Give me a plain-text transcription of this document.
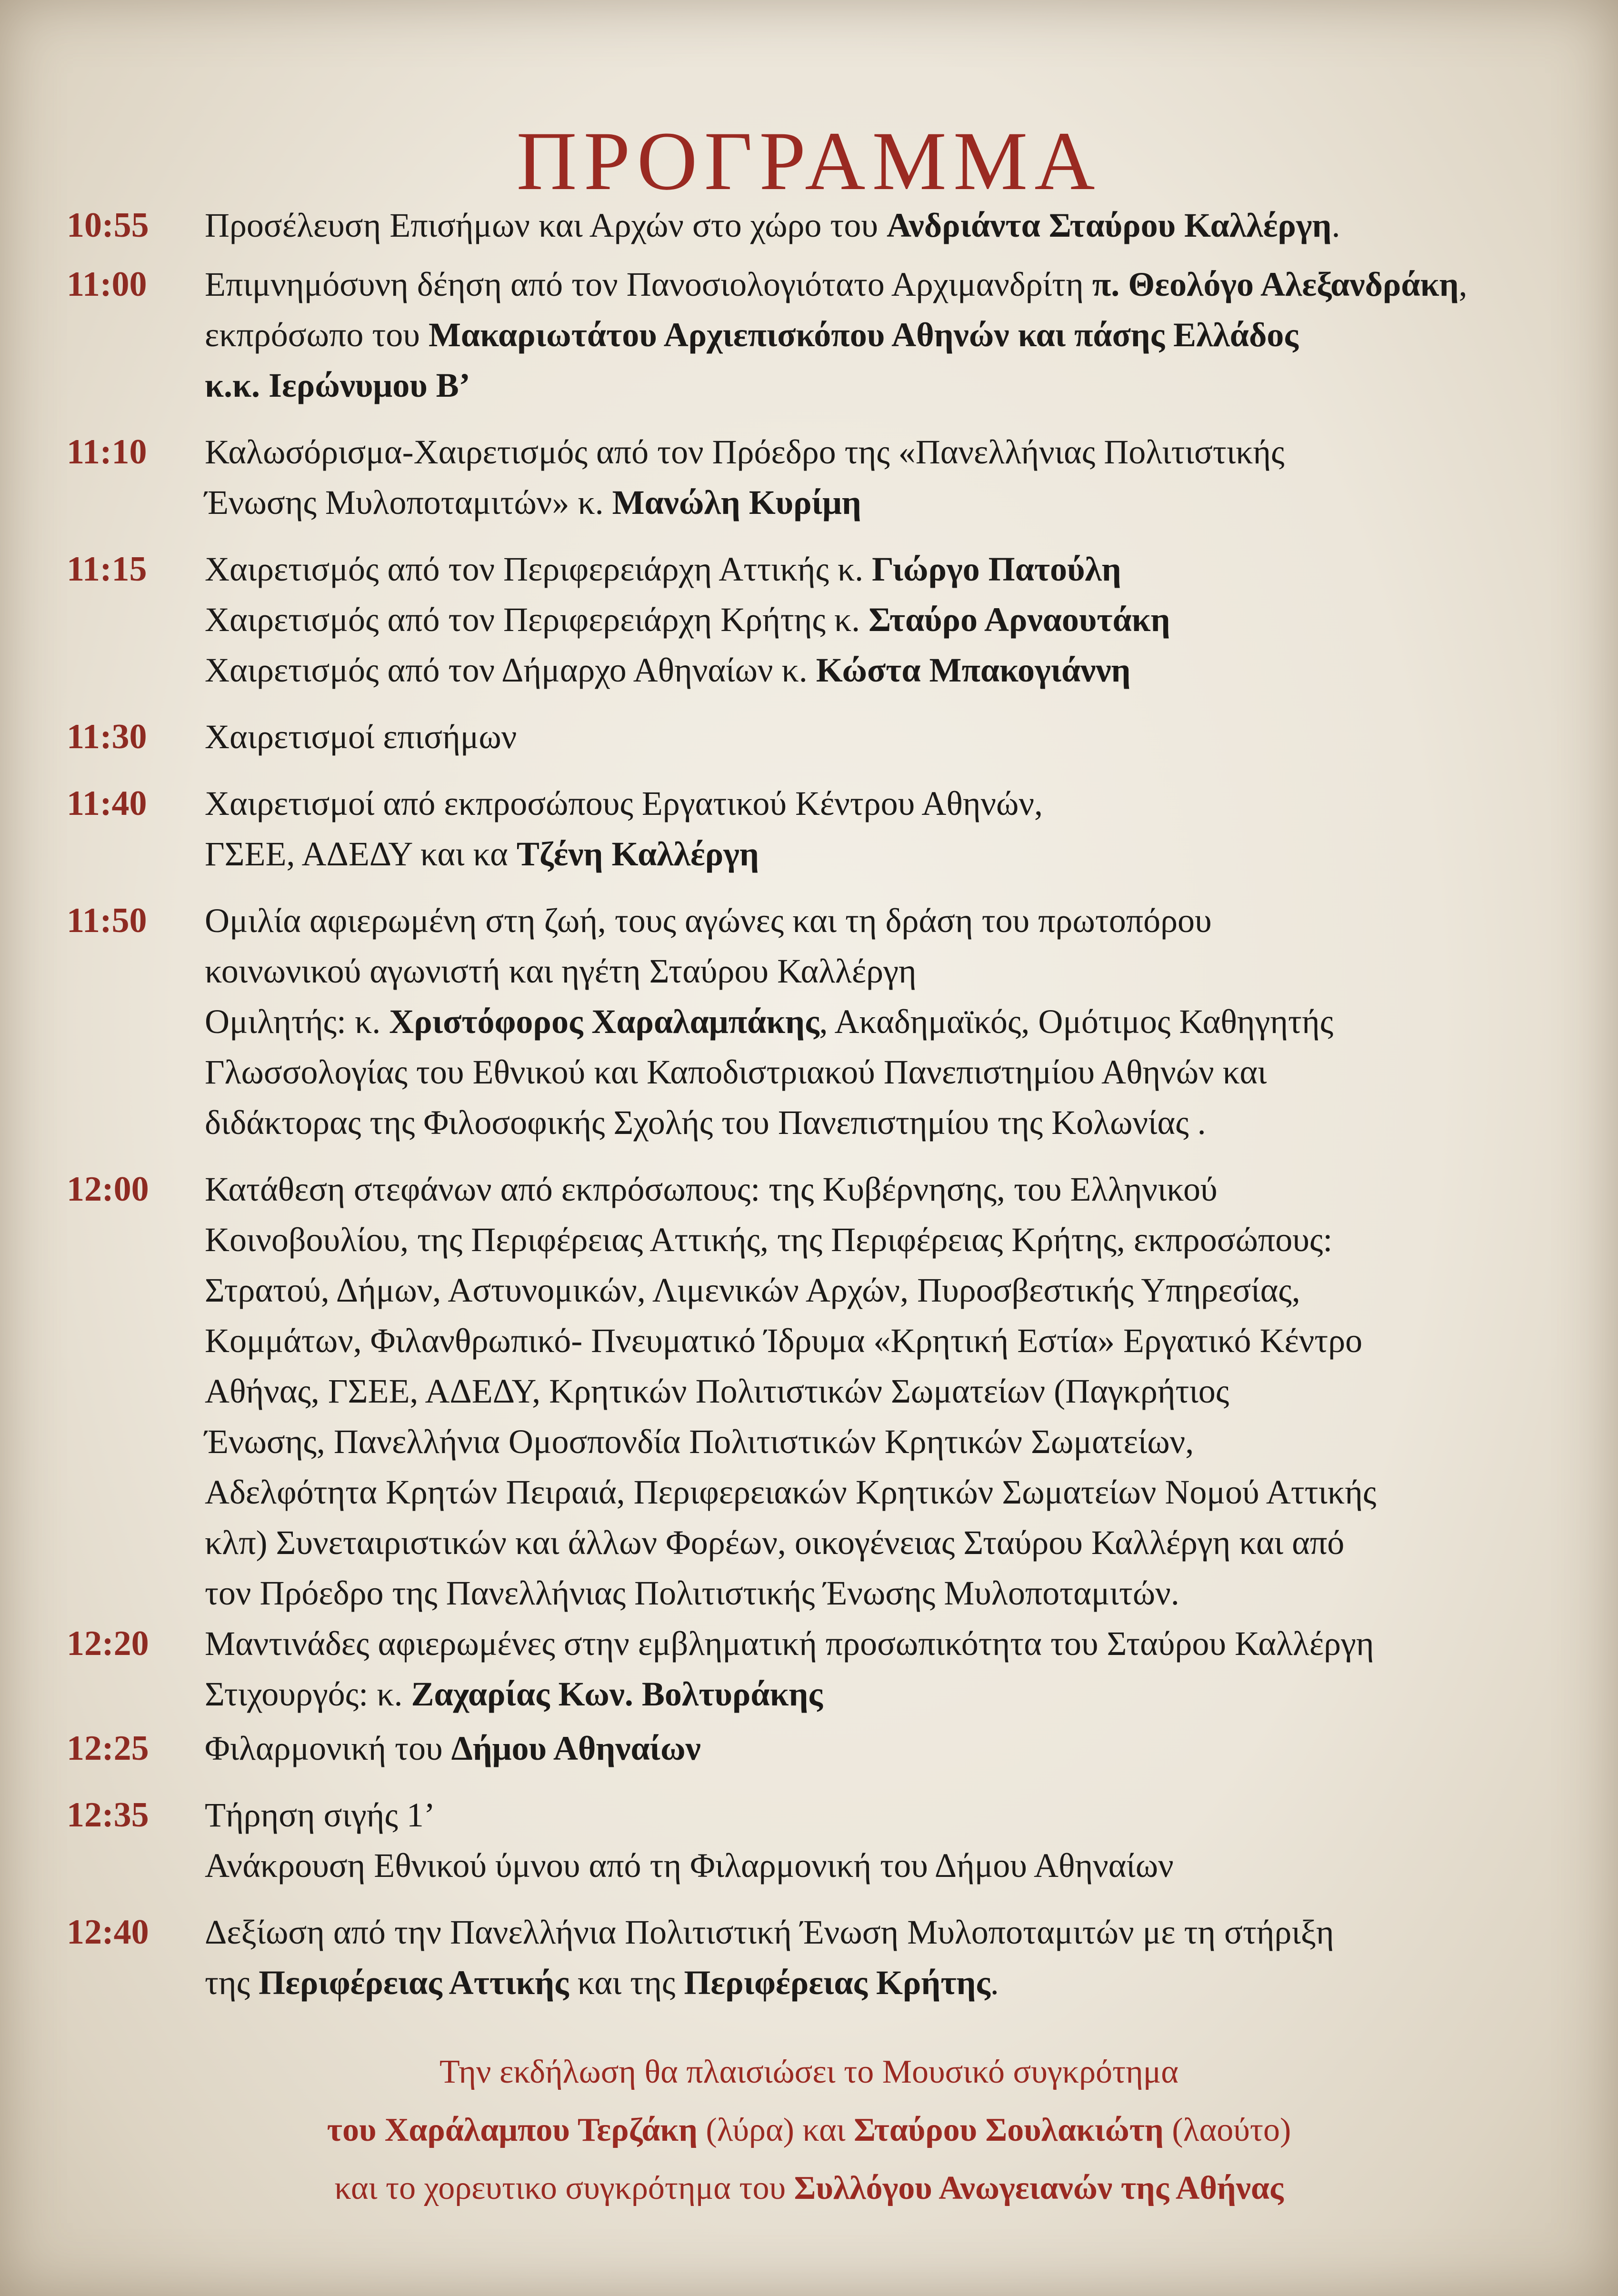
ΠΡΟΓΡΑΜΜΑ
10:55	Προσέλευση Επισήμων και Αρχών στο χώρο του Ανδριάντα Σταύρου Καλλέργη.
11:00	Επιμνημόσυνη δέηση από τον Πανοσιολογιότατο Αρχιμανδρίτη π. Θεολόγο Αλεξανδράκη,
εκπρόσωπο του Μακαριωτάτου Αρχιεπισκόπου Αθηνών και πάσης Ελλάδος
κ.κ. Ιερώνυμου Β’
11:10	Καλωσόρισμα-Χαιρετισμός από τον Πρόεδρο της «Πανελλήνιας Πολιτιστικής
Ένωσης Μυλοποταμιτών» κ. Μανώλη Κυρίμη
11:15	Χαιρετισμός από τον Περιφερειάρχη Αττικής κ. Γιώργο Πατούλη
Χαιρετισμός από τον Περιφερειάρχη Κρήτης κ. Σταύρο Αρναουτάκη
Χαιρετισμός από τον Δήμαρχο Αθηναίων κ. Κώστα Μπακογιάννη
11:30	Χαιρετισμοί επισήμων
11:40	Χαιρετισμοί από εκπροσώπους Εργατικού Κέντρου Αθηνών,
ΓΣΕΕ, ΑΔΕΔΥ και κα Τζένη Καλλέργη
11:50	Ομιλία αφιερωμένη στη ζωή, τους αγώνες και τη δράση του πρωτοπόρου
κοινωνικού αγωνιστή και ηγέτη Σταύρου Καλλέργη
Ομιλητής: κ. Χριστόφορος Χαραλαμπάκης, Ακαδημαϊκός, Ομότιμος Καθηγητής
Γλωσσολογίας του Εθνικού και Καποδιστριακού Πανεπιστημίου Αθηνών και
διδάκτορας της Φιλοσοφικής Σχολής του Πανεπιστημίου της Κολωνίας .
12:00	Κατάθεση στεφάνων από εκπρόσωπους: της Κυβέρνησης, του Ελληνικού
Κοινοβουλίου, της Περιφέρειας Αττικής, της Περιφέρειας Κρήτης, εκπροσώπους:
Στρατού, Δήμων, Αστυνομικών, Λιμενικών Αρχών, Πυροσβεστικής Υπηρεσίας,
Κομμάτων, Φιλανθρωπικό- Πνευματικό Ίδρυμα «Κρητική Εστία» Εργατικό Κέντρο
Αθήνας, ΓΣΕΕ, ΑΔΕΔΥ, Κρητικών Πολιτιστικών Σωματείων (Παγκρήτιος
Ένωσης, Πανελλήνια Ομοσπονδία Πολιτιστικών Κρητικών Σωματείων,
Αδελφότητα Κρητών Πειραιά, Περιφερειακών Κρητικών Σωματείων Νομού Αττικής
κλπ) Συνεταιριστικών και άλλων Φορέων, οικογένειας Σταύρου Καλλέργη και από
τον Πρόεδρο της Πανελλήνιας Πολιτιστικής Ένωσης Μυλοποταμιτών.
12:20	Μαντινάδες αφιερωμένες στην εμβληματική προσωπικότητα του Σταύρου Καλλέργη
Στιχουργός: κ. Ζαχαρίας Κων. Βολτυράκης
12:25	Φιλαρμονική του Δήμου Αθηναίων
12:35	Τήρηση σιγής 1’
Ανάκρουση Εθνικού ύμνου από τη Φιλαρμονική του Δήμου Αθηναίων
12:40	Δεξίωση από την Πανελλήνια Πολιτιστική Ένωση Μυλοποταμιτών με τη στήριξη
της Περιφέρειας Αττικής και της Περιφέρειας Κρήτης.
Την εκδήλωση θα πλαισιώσει το Μουσικό συγκρότημα
του Χαράλαμπου Τερζάκη (λύρα) και Σταύρου Σουλακιώτη (λαούτο)
και το χορευτικο συγκρότημα του Συλλόγου Ανωγειανών της Αθήνας
